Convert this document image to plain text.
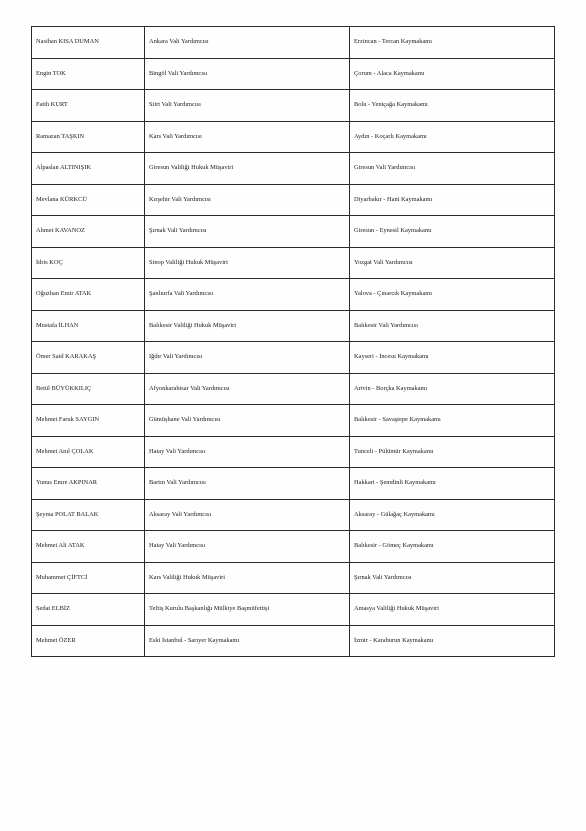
Nasihan KISA DUMAN	Ankara Vali Yardımcısı	Erzincan - Tercan Kaymakamı
Engin TOK	Bingöl Vali Yardımcısı	Çorum - Alaca Kaymakamı
Fatih KURT	Siirt Vali Yardımcısı	Bolu - Yeniçağa Kaymakamı
Ramazan TAŞKIN	Kars Vali Yardımcısı	Aydın - Koçarlı Kaymakamı
Alpaslan ALTINIŞIK	Giresun Valiliği Hukuk Müşaviri	Giresun Vali Yardımcısı
Mevlana KÜRKCÜ	Kırşehir Vali Yardımcısı	Diyarbakır - Hani Kaymakamı
Ahmet KAVANOZ	Şırnak Vali Yardımcısı	Giresun - Eynesil Kaymakamı
İdris KOÇ	Sinop Valiliği Hukuk Müşaviri	Yozgat Vali Yardımcısı
Oğuzhan Emir ATAK	Şanlıurfa Vali Yardımcısı	Yalova - Çınarcık Kaymakamı
Mustafa İLHAN	Balıkesir Valiliği Hukuk Müşaviri	Balıkesir Vali Yardımcısı
Ömer Said KARAKAŞ	Iğdır Vali Yardımcısı	Kayseri - İncesu Kaymakamı
Betül BÜYÜKKILIÇ	Afyonkarahisar Vali Yardımcısı	Artvin - Borçka Kaymakamı
Mehmet Faruk SAYGIN	Gümüşhane Vali Yardımcısı	Balıkesir - Savaştepe Kaymakamı
Mehmet Anıl ÇOLAK	Hatay Vali Yardımcısı	Tunceli - Pülümür Kaymakamı
Yunus Emre AKPINAR	Bartın Vali Yardımcısı	Hakkari - Şemdinli Kaymakamı
Şeyma POLAT BALAK	Aksaray Vali Yardımcısı	Aksaray - Gülağaç Kaymakamı
Mehmet Ali ATAK	Hatay Vali Yardımcısı	Balıkesir - Gömeç Kaymakamı
Muhammet ÇİFTCİ	Kars Valiliği Hukuk Müşaviri	Şırnak Vali Yardımcısı
Sedat ELBİZ	Teftiş Kurulu Başkanlığı Mülkiye Başmüfettişi	Amasya Valiliği Hukuk Müşaviri
Mehmet ÖZER	Eski İstanbul - Sarıyer Kaymakamı	İzmir - Karaburun Kaymakamı
